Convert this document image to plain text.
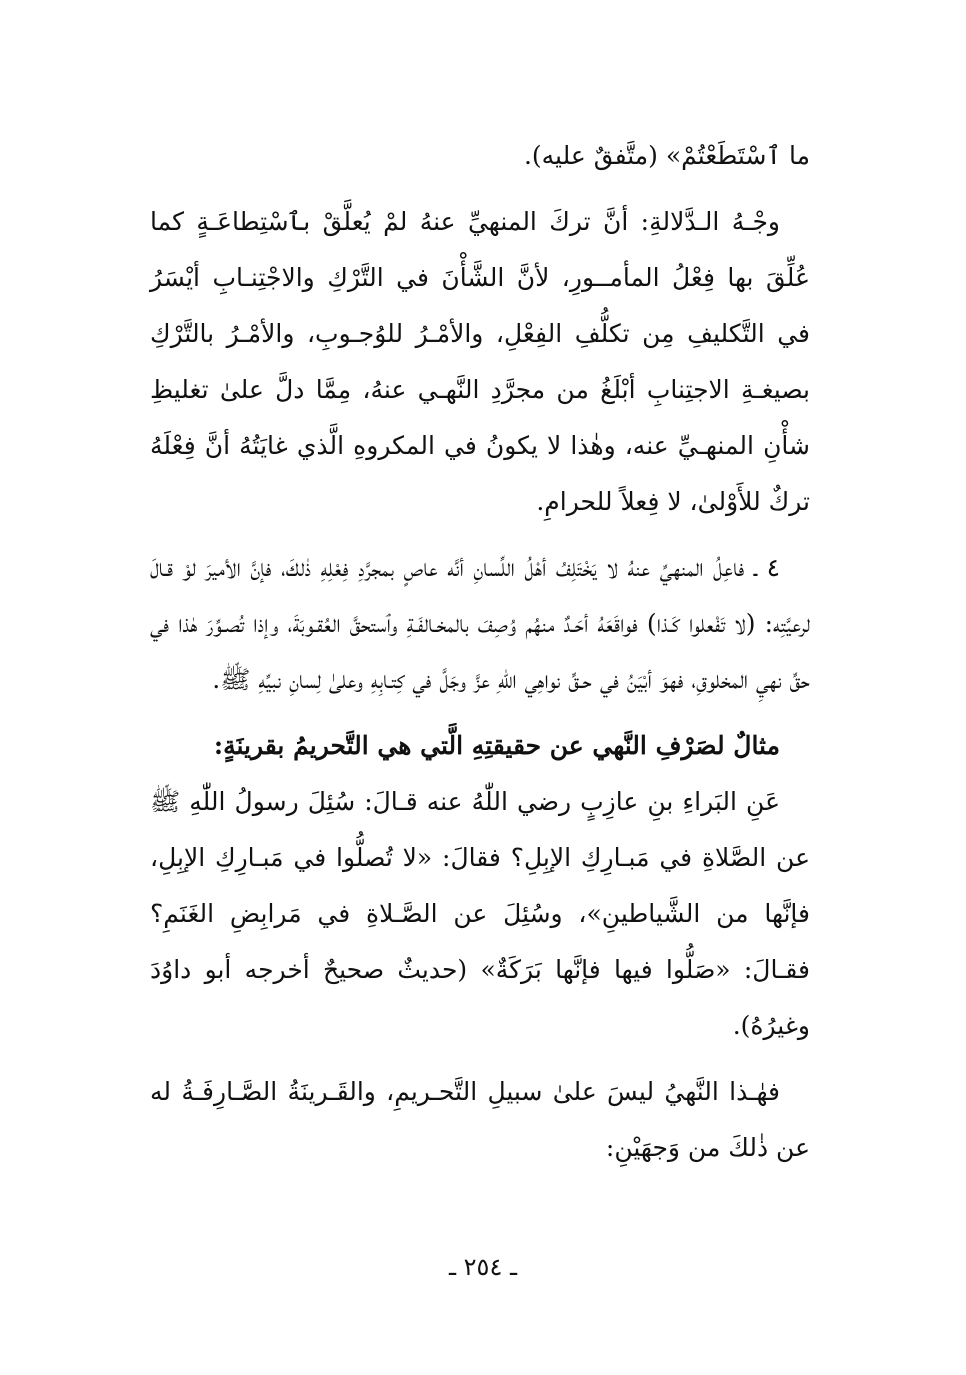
ما ٱسْتَطَعْتُمْ» (متَّفقٌ عليه).

وجْـهُ الـدَّلالةِ: أنَّ تركَ المنهيِّ عنهُ لمْ يُعلَّقْ بٱسْتِطاعَـةٍ كما عُلِّقَ بها فِعْلُ المأمــورِ، لأنَّ الشَّأْنَ في التَّرْكِ والاجْتِنـابِ أيْسَرُ في التَّكليفِ مِن تكلُّفِ الفِعْلِ، والأمْـرُ للوُجـوبِ، والأمْـرُ بالتَّرْكِ بصيغـةِ الاجتِنابِ أبْلَغُ من مجرَّدِ النَّهـي عنهُ، مِمَّا دلَّ علىٰ تغليظِ شأْنِ المنهـيِّ عنه، وهٰذا لا يكونُ في المكروهِ الَّذي غايَتُهُ أنَّ فِعْلَهُ تركٌ للأَوْلىٰ، لا فِعلاً للحرامِ.

٤ ـ فاعِلُ المنهيِّ عنهُ لا يَخْتَلِفُ أهْلُ اللِّسانِ أنَّه عاصٍ بمجرَّدِ فِعْلِهِ ذٰلكَ، فإنَّ الأميرَ لوْ قـالَ لرعيَّتِه: (لا تَفْعلوا كَـذا) فواقَعَهُ أحَـدٌ منهُم وُصِفَ بالمخـالفَـةِ وٱستحقَّ العُقـوبَةَ، وإذا تُصـوِّرَ هٰذا في حقِّ نهيِ المخلوقِ، فهوَ أبْيَنُ في حـقِّ نواهِي اللّٰهِ عزَّ وجَلَّ في كِتـابِهِ وعلىٰ لِسانِ نبيِّهِ ﷺ.

مثالٌ لصَرْفِ النَّهي عن حقيقتِهِ الَّتي هي التَّحريمُ بقرينَةٍ:

عَنِ البَراءِ بنِ عازِبٍ رضي اللّٰهُ عنه قـالَ: سُئِلَ رسولُ اللّٰهِ ﷺ عن الصَّلاةِ في مَبـارِكِ الإبِلِ؟ فقالَ: «لا تُصلُّوا في مَبـارِكِ الإبِلِ، فإنَّها من الشَّياطينِ»، وسُئِلَ عن الصَّـلاةِ في مَرابِضِ الغَنَمِ؟ فقـالَ: «صَلُّوا فيها فإنَّها بَرَكَةٌ» (حديثٌ صحيحٌ أخرجه أبو داوُدَ وغيرُهُ).

فهٰـذا النَّهيُ ليسَ علىٰ سبيلِ التَّحـريمِ، والقَـرينَةُ الصَّـارِفَـةُ له عن ذٰلكَ من وَجهَيْنِ:

ـ ٢٥٤ ـ
